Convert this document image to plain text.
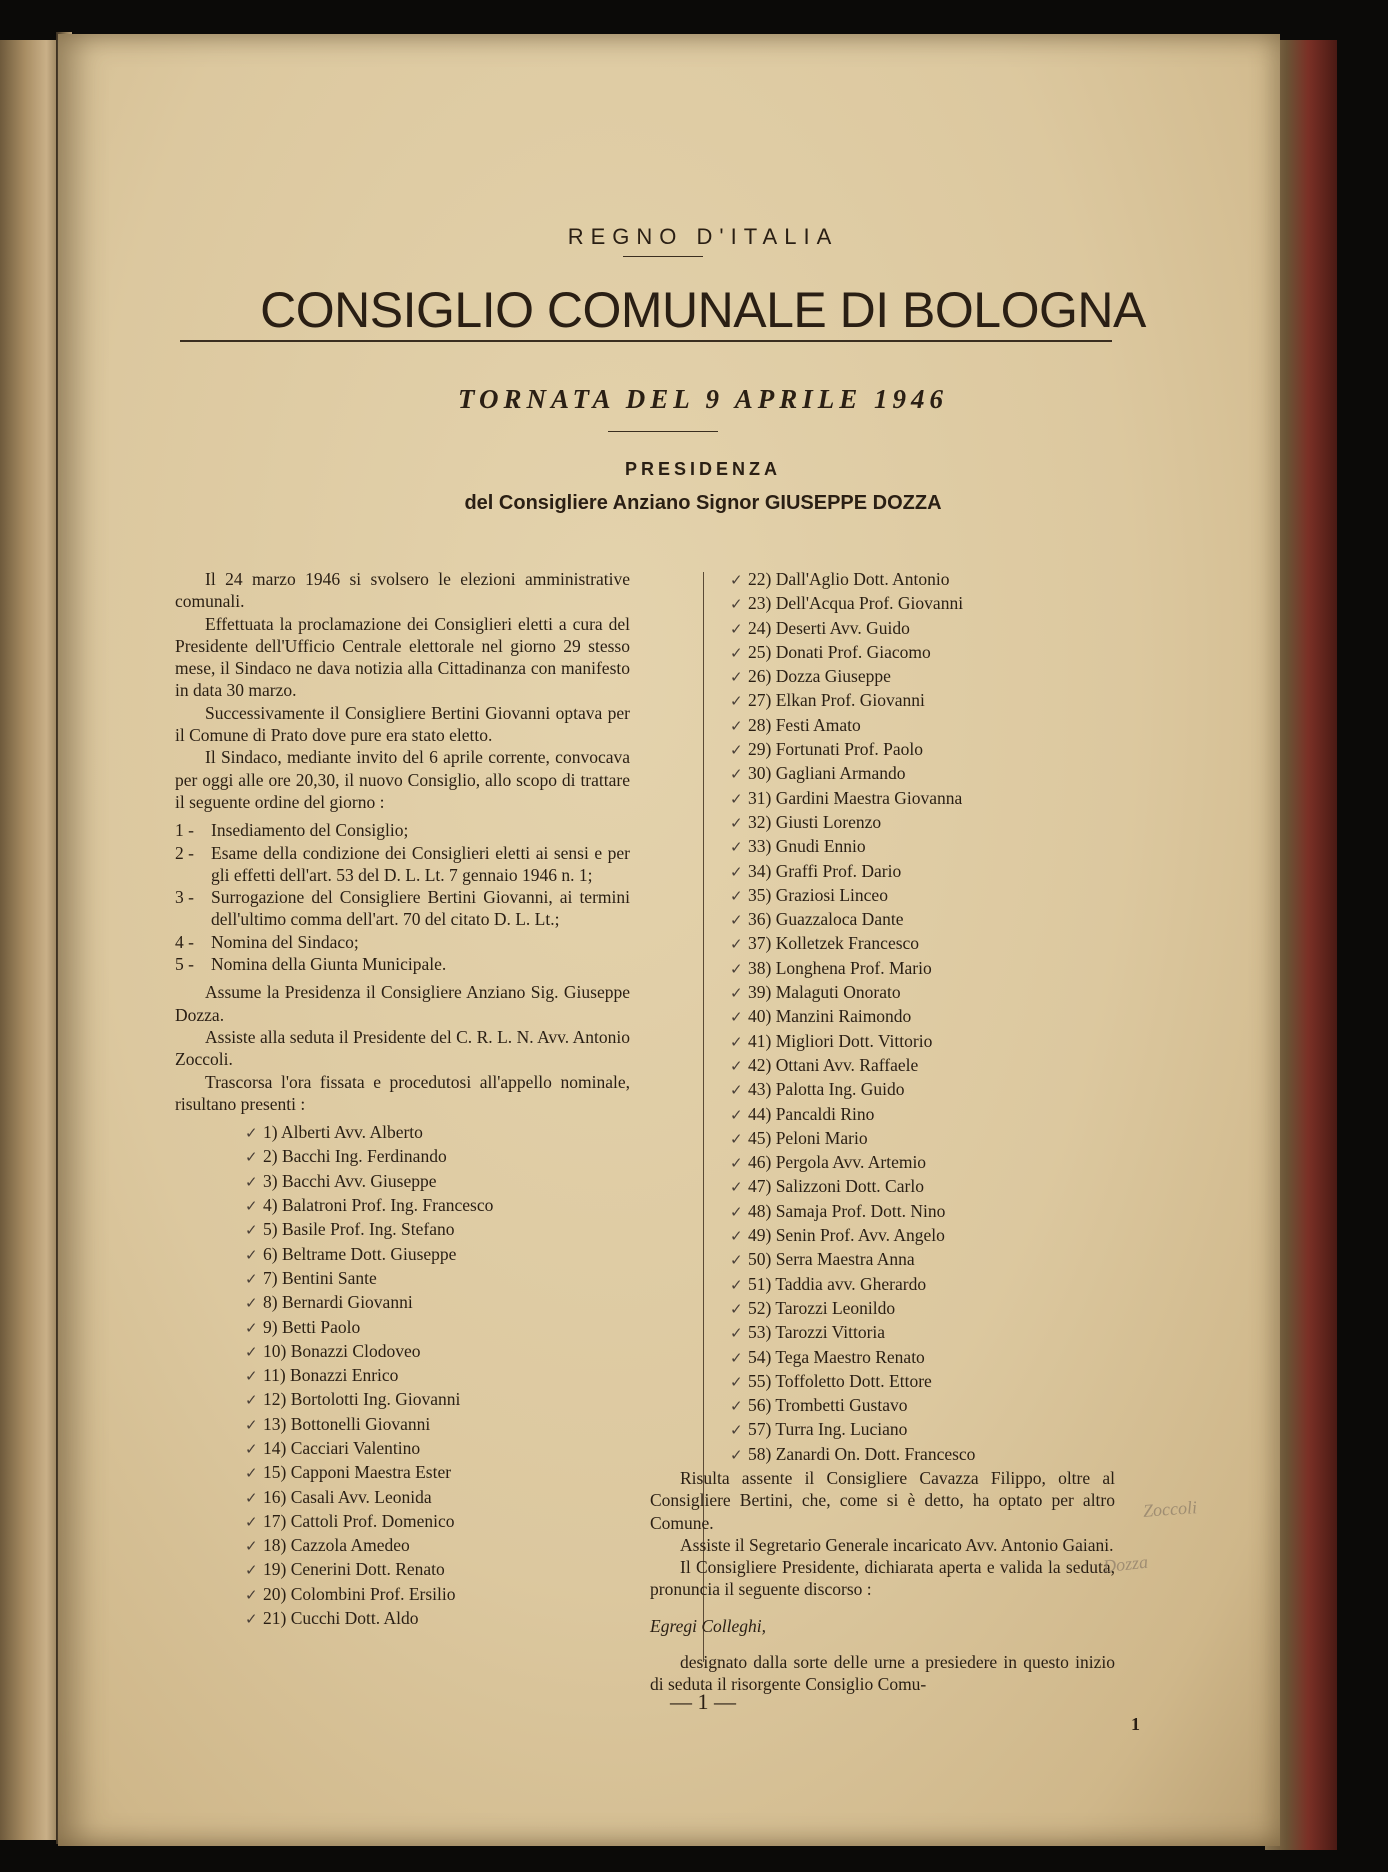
REGNO D'ITALIA
CONSIGLIO COMUNALE DI BOLOGNA
TORNATA DEL 9 APRILE 1946
PRESIDENZA
del Consigliere Anziano Signor GIUSEPPE DOZZA

Il 24 marzo 1946 si svolsero le elezioni amministrative comunali.

Effettuata la proclamazione dei Consiglieri eletti a cura del Presidente dell'Ufficio Centrale elettorale nel giorno 29 stesso mese, il Sindaco ne dava notizia alla Cittadinanza con manifesto in data 30 marzo.

Successivamente il Consigliere Bertini Giovanni optava per il Comune di Prato dove pure era stato eletto.

Il Sindaco, mediante invito del 6 aprile corrente, convocava per oggi alle ore 20,30, il nuovo Consiglio, allo scopo di trattare il seguente ordine del giorno :

1 - Insediamento del Consiglio;
2 - Esame della condizione dei Consiglieri eletti ai sensi e per gli effetti dell'art. 53 del D. L. Lt. 7 gennaio 1946 n. 1;
3 - Surrogazione del Consigliere Bertini Giovanni, ai termini dell'ultimo comma dell'art. 70 del citato D. L. Lt.;
4 - Nomina del Sindaco;
5 - Nomina della Giunta Municipale.

Assume la Presidenza il Consigliere Anziano Sig. Giuseppe Dozza.

Assiste alla seduta il Presidente del C. R. L. N. Avv. Antonio Zoccoli.

Trascorsa l'ora fissata e procedutosi all'appello nominale, risultano presenti :

✓ 1) Alberti Avv. Alberto
✓ 2) Bacchi Ing. Ferdinando
✓ 3) Bacchi Avv. Giuseppe
✓ 4) Balatroni Prof. Ing. Francesco
✓ 5) Basile Prof. Ing. Stefano
✓ 6) Beltrame Dott. Giuseppe
✓ 7) Bentini Sante
✓ 8) Bernardi Giovanni
✓ 9) Betti Paolo
✓ 10) Bonazzi Clodoveo
✓ 11) Bonazzi Enrico
✓ 12) Bortolotti Ing. Giovanni
✓ 13) Bottonelli Giovanni
✓ 14) Cacciari Valentino
✓ 15) Capponi Maestra Ester
✓ 16) Casali Avv. Leonida
✓ 17) Cattoli Prof. Domenico
✓ 18) Cazzola Amedeo
✓ 19) Cenerini Dott. Renato
✓ 20) Colombini Prof. Ersilio
✓ 21) Cucchi Dott. Aldo
✓ 22) Dall'Aglio Dott. Antonio
✓ 23) Dell'Acqua Prof. Giovanni
✓ 24) Deserti Avv. Guido
✓ 25) Donati Prof. Giacomo
✓ 26) Dozza Giuseppe
✓ 27) Elkan Prof. Giovanni
✓ 28) Festi Amato
✓ 29) Fortunati Prof. Paolo
✓ 30) Gagliani Armando
✓ 31) Gardini Maestra Giovanna
✓ 32) Giusti Lorenzo
✓ 33) Gnudi Ennio
✓ 34) Graffi Prof. Dario
✓ 35) Graziosi Linceo
✓ 36) Guazzaloca Dante
✓ 37) Kolletzek Francesco
✓ 38) Longhena Prof. Mario
✓ 39) Malaguti Onorato
✓ 40) Manzini Raimondo
✓ 41) Migliori Dott. Vittorio
✓ 42) Ottani Avv. Raffaele
✓ 43) Palotta Ing. Guido
✓ 44) Pancaldi Rino
✓ 45) Peloni Mario
✓ 46) Pergola Avv. Artemio
✓ 47) Salizzoni Dott. Carlo
✓ 48) Samaja Prof. Dott. Nino
✓ 49) Senin Prof. Avv. Angelo
✓ 50) Serra Maestra Anna
✓ 51) Taddia avv. Gherardo
✓ 52) Tarozzi Leonildo
✓ 53) Tarozzi Vittoria
✓ 54) Tega Maestro Renato
✓ 55) Toffoletto Dott. Ettore
✓ 56) Trombetti Gustavo
✓ 57) Turra Ing. Luciano
✓ 58) Zanardi On. Dott. Francesco

Risulta assente il Consigliere Cavazza Filippo, oltre al Consigliere Bertini, che, come si è detto, ha optato per altro Comune.

Assiste il Segretario Generale incaricato Avv. Antonio Gaiani.

Il Consigliere Presidente, dichiarata aperta e valida la seduta, pronuncia il seguente discorso :

Egregi Colleghi,

designato dalla sorte delle urne a presiedere in questo inizio di seduta il risorgente Consiglio Comu-

Zoccoli
Dozza
— 1 —
1
